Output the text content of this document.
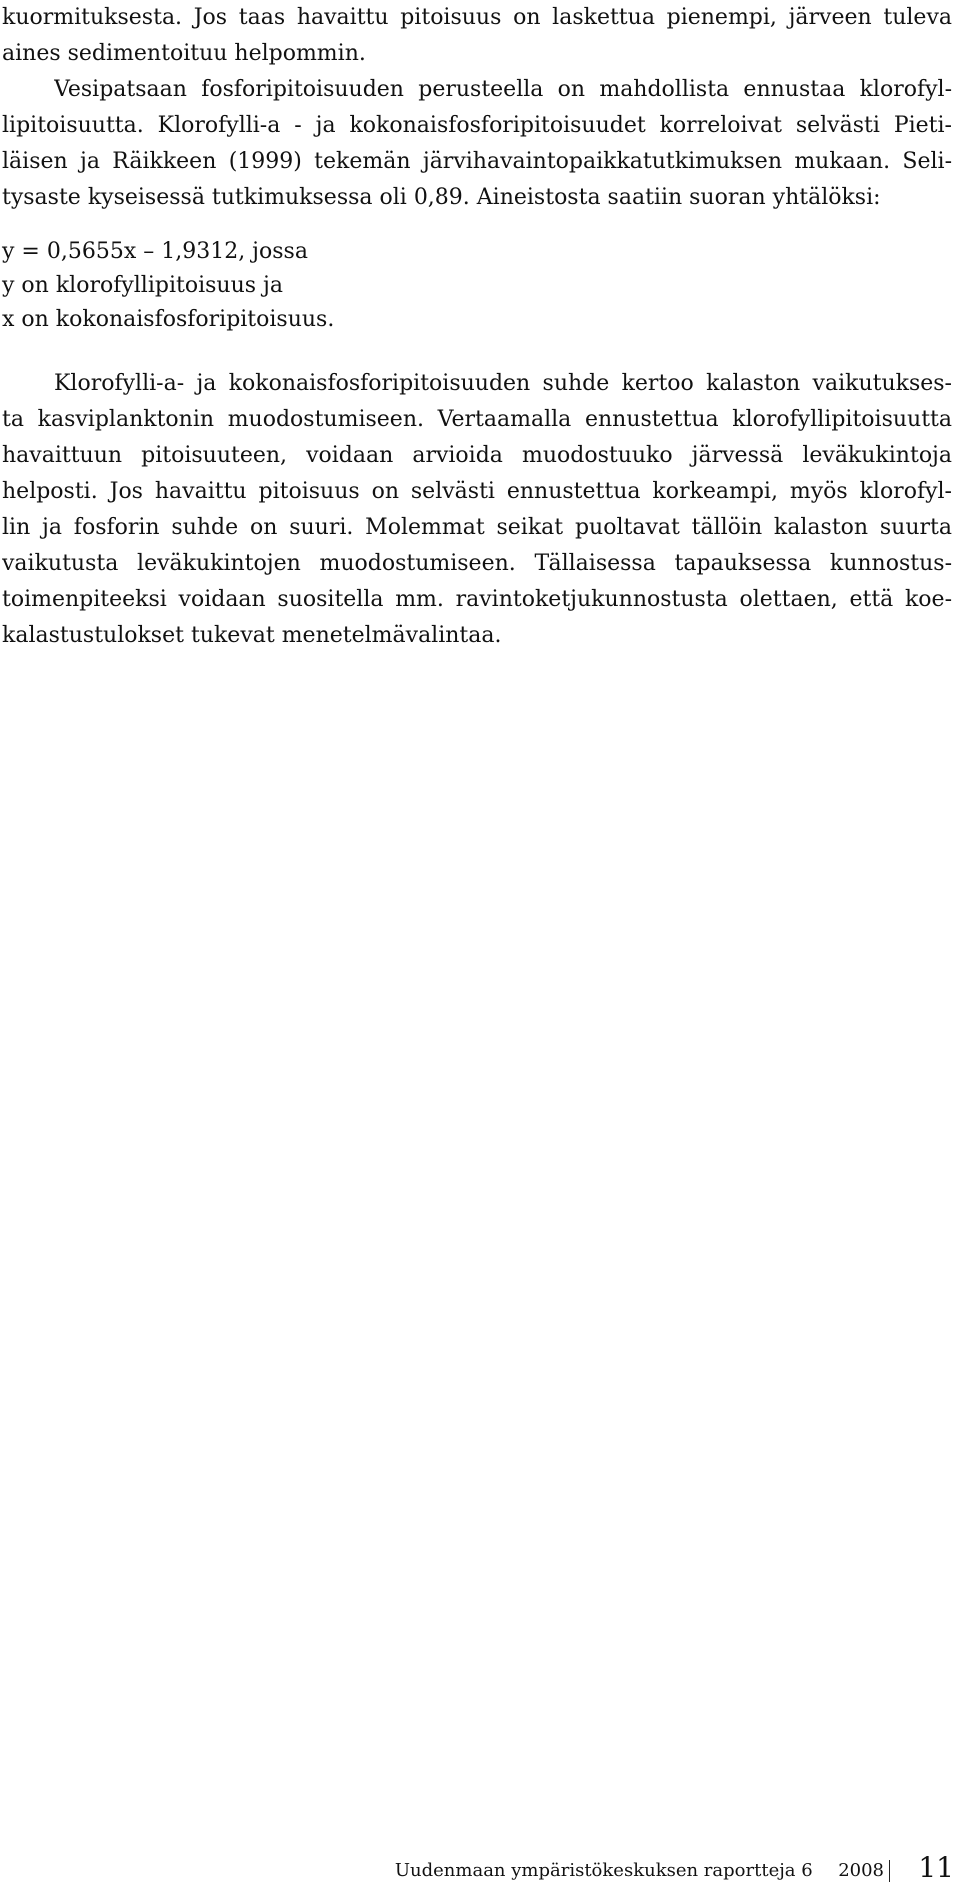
kuormituksesta. Jos taas havaittu pitoisuus on laskettua pienempi, järveen tuleva
aines sedimentoituu helpommin.
Vesipatsaan fosforipitoisuuden perusteella on mahdollista ennustaa klorofyl-
lipitoisuutta. Klorofylli-a - ja kokonaisfosforipitoisuudet korreloivat selvästi Pieti-
läisen ja Räikkeen (1999) tekemän järvihavaintopaikkatutkimuksen mukaan. Seli-
tysaste kyseisessä tutkimuksessa oli 0,89. Aineistosta saatiin suoran yhtälöksi:
y = 0,5655x – 1,9312, jossa
y on klorofyllipitoisuus ja
x on kokonaisfosforipitoisuus.
Klorofylli-a- ja kokonaisfosforipitoisuuden suhde kertoo kalaston vaikutukses-
ta kasviplanktonin muodostumiseen. Vertaamalla ennustettua klorofyllipitoisuutta
havaittuun pitoisuuteen, voidaan arvioida muodostuuko järvessä leväkukintoja
helposti. Jos havaittu pitoisuus on selvästi ennustettua korkeampi, myös klorofyl-
lin ja fosforin suhde on suuri. Molemmat seikat puoltavat tällöin kalaston suurta
vaikutusta leväkukintojen muodostumiseen. Tällaisessa tapauksessa kunnostus-
toimenpiteeksi voidaan suositella mm. ravintoketjukunnostusta olettaen, että koe-
kalastustulokset tukevat menetelmävalintaa.
Uudenmaan ympäristökeskuksen raportteja 6 2008 11
